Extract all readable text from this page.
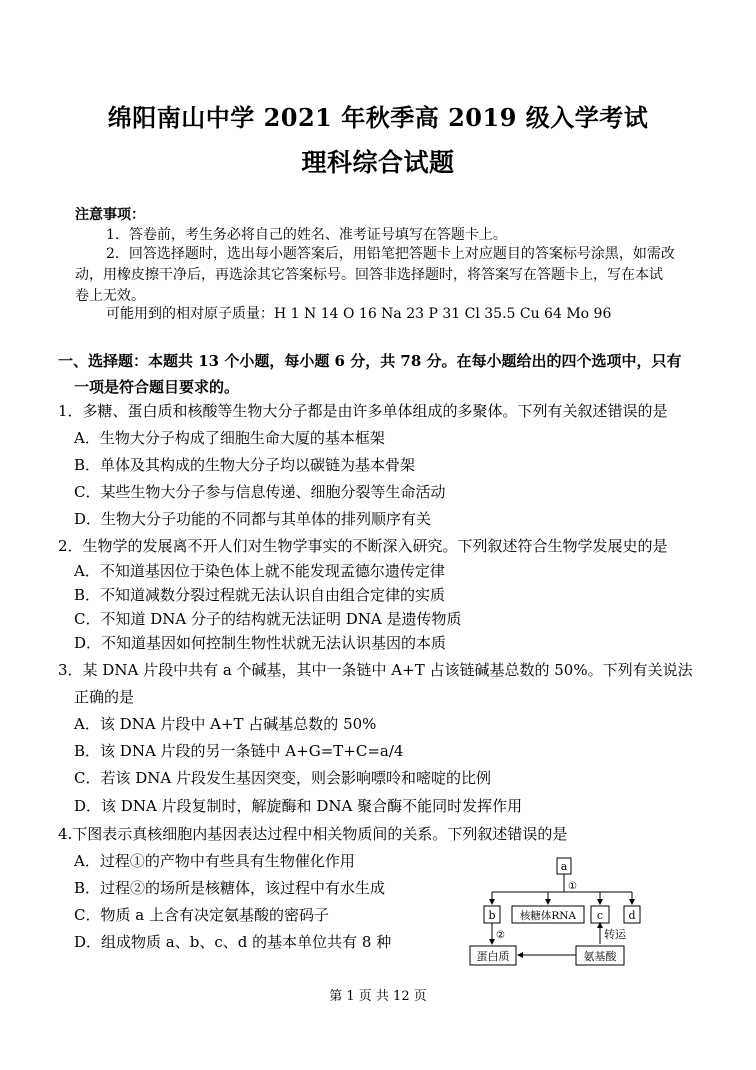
绵阳南山中学 2021 年秋季高 2019 级入学考试
理科综合试题
注意事项：
1．答卷前，考生务必将自己的姓名、准考证号填写在答题卡上。
2．回答选择题时，选出每小题答案后，用铅笔把答题卡上对应题目的答案标号涂黑，如需改动，用橡皮擦干净后，再选涂其它答案标号。回答非选择题时，将答案写在答题卡上，写在本试卷上无效。
可能用到的相对原子质量：H 1 N 14 O 16 Na 23 P 31 Cl 35.5 Cu 64 Mo 96
一、选择题：本题共 13 个小题，每小题 6 分，共 78 分。在每小题给出的四个选项中，只有一项是符合题目要求的。
1．多糖、蛋白质和核酸等生物大分子都是由许多单体组成的多聚体。下列有关叙述错误的是
A．生物大分子构成了细胞生命大厦的基本框架
B．单体及其构成的生物大分子均以碳链为基本骨架
C．某些生物大分子参与信息传递、细胞分裂等生命活动
D．生物大分子功能的不同都与其单体的排列顺序有关
2．生物学的发展离不开人们对生物学事实的不断深入研究。下列叙述符合生物学发展史的是
A．不知道基因位于染色体上就不能发现孟德尔遗传定律
B．不知道减数分裂过程就无法认识自由组合定律的实质
C．不知道 DNA 分子的结构就无法证明 DNA 是遗传物质
D．不知道基因如何控制生物性状就无法认识基因的本质
3．某 DNA 片段中共有 a 个碱基，其中一条链中 A+T 占该链碱基总数的 50%。下列有关说法
正确的是
A．该 DNA 片段中 A+T 占碱基总数的 50%
B．该 DNA 片段的另一条链中 A+G=T+C=a/4
C．若该 DNA 片段发生基因突变，则会影响嘌呤和嘧啶的比例
D．该 DNA 片段复制时，解旋酶和 DNA 聚合酶不能同时发挥作用
4.下图表示真核细胞内基因表达过程中相关物质间的关系。下列叙述错误的是
A．过程①的产物中有些具有生物催化作用
B．过程②的场所是核糖体，该过程中有水生成
C．物质 a 上含有决定氨基酸的密码子
D．组成物质 a、b、c、d 的基本单位共有 8 种
a
①
b 核糖体RNA c d
②	转运
蛋白质	氨基酸
第 1 页 共 12 页
